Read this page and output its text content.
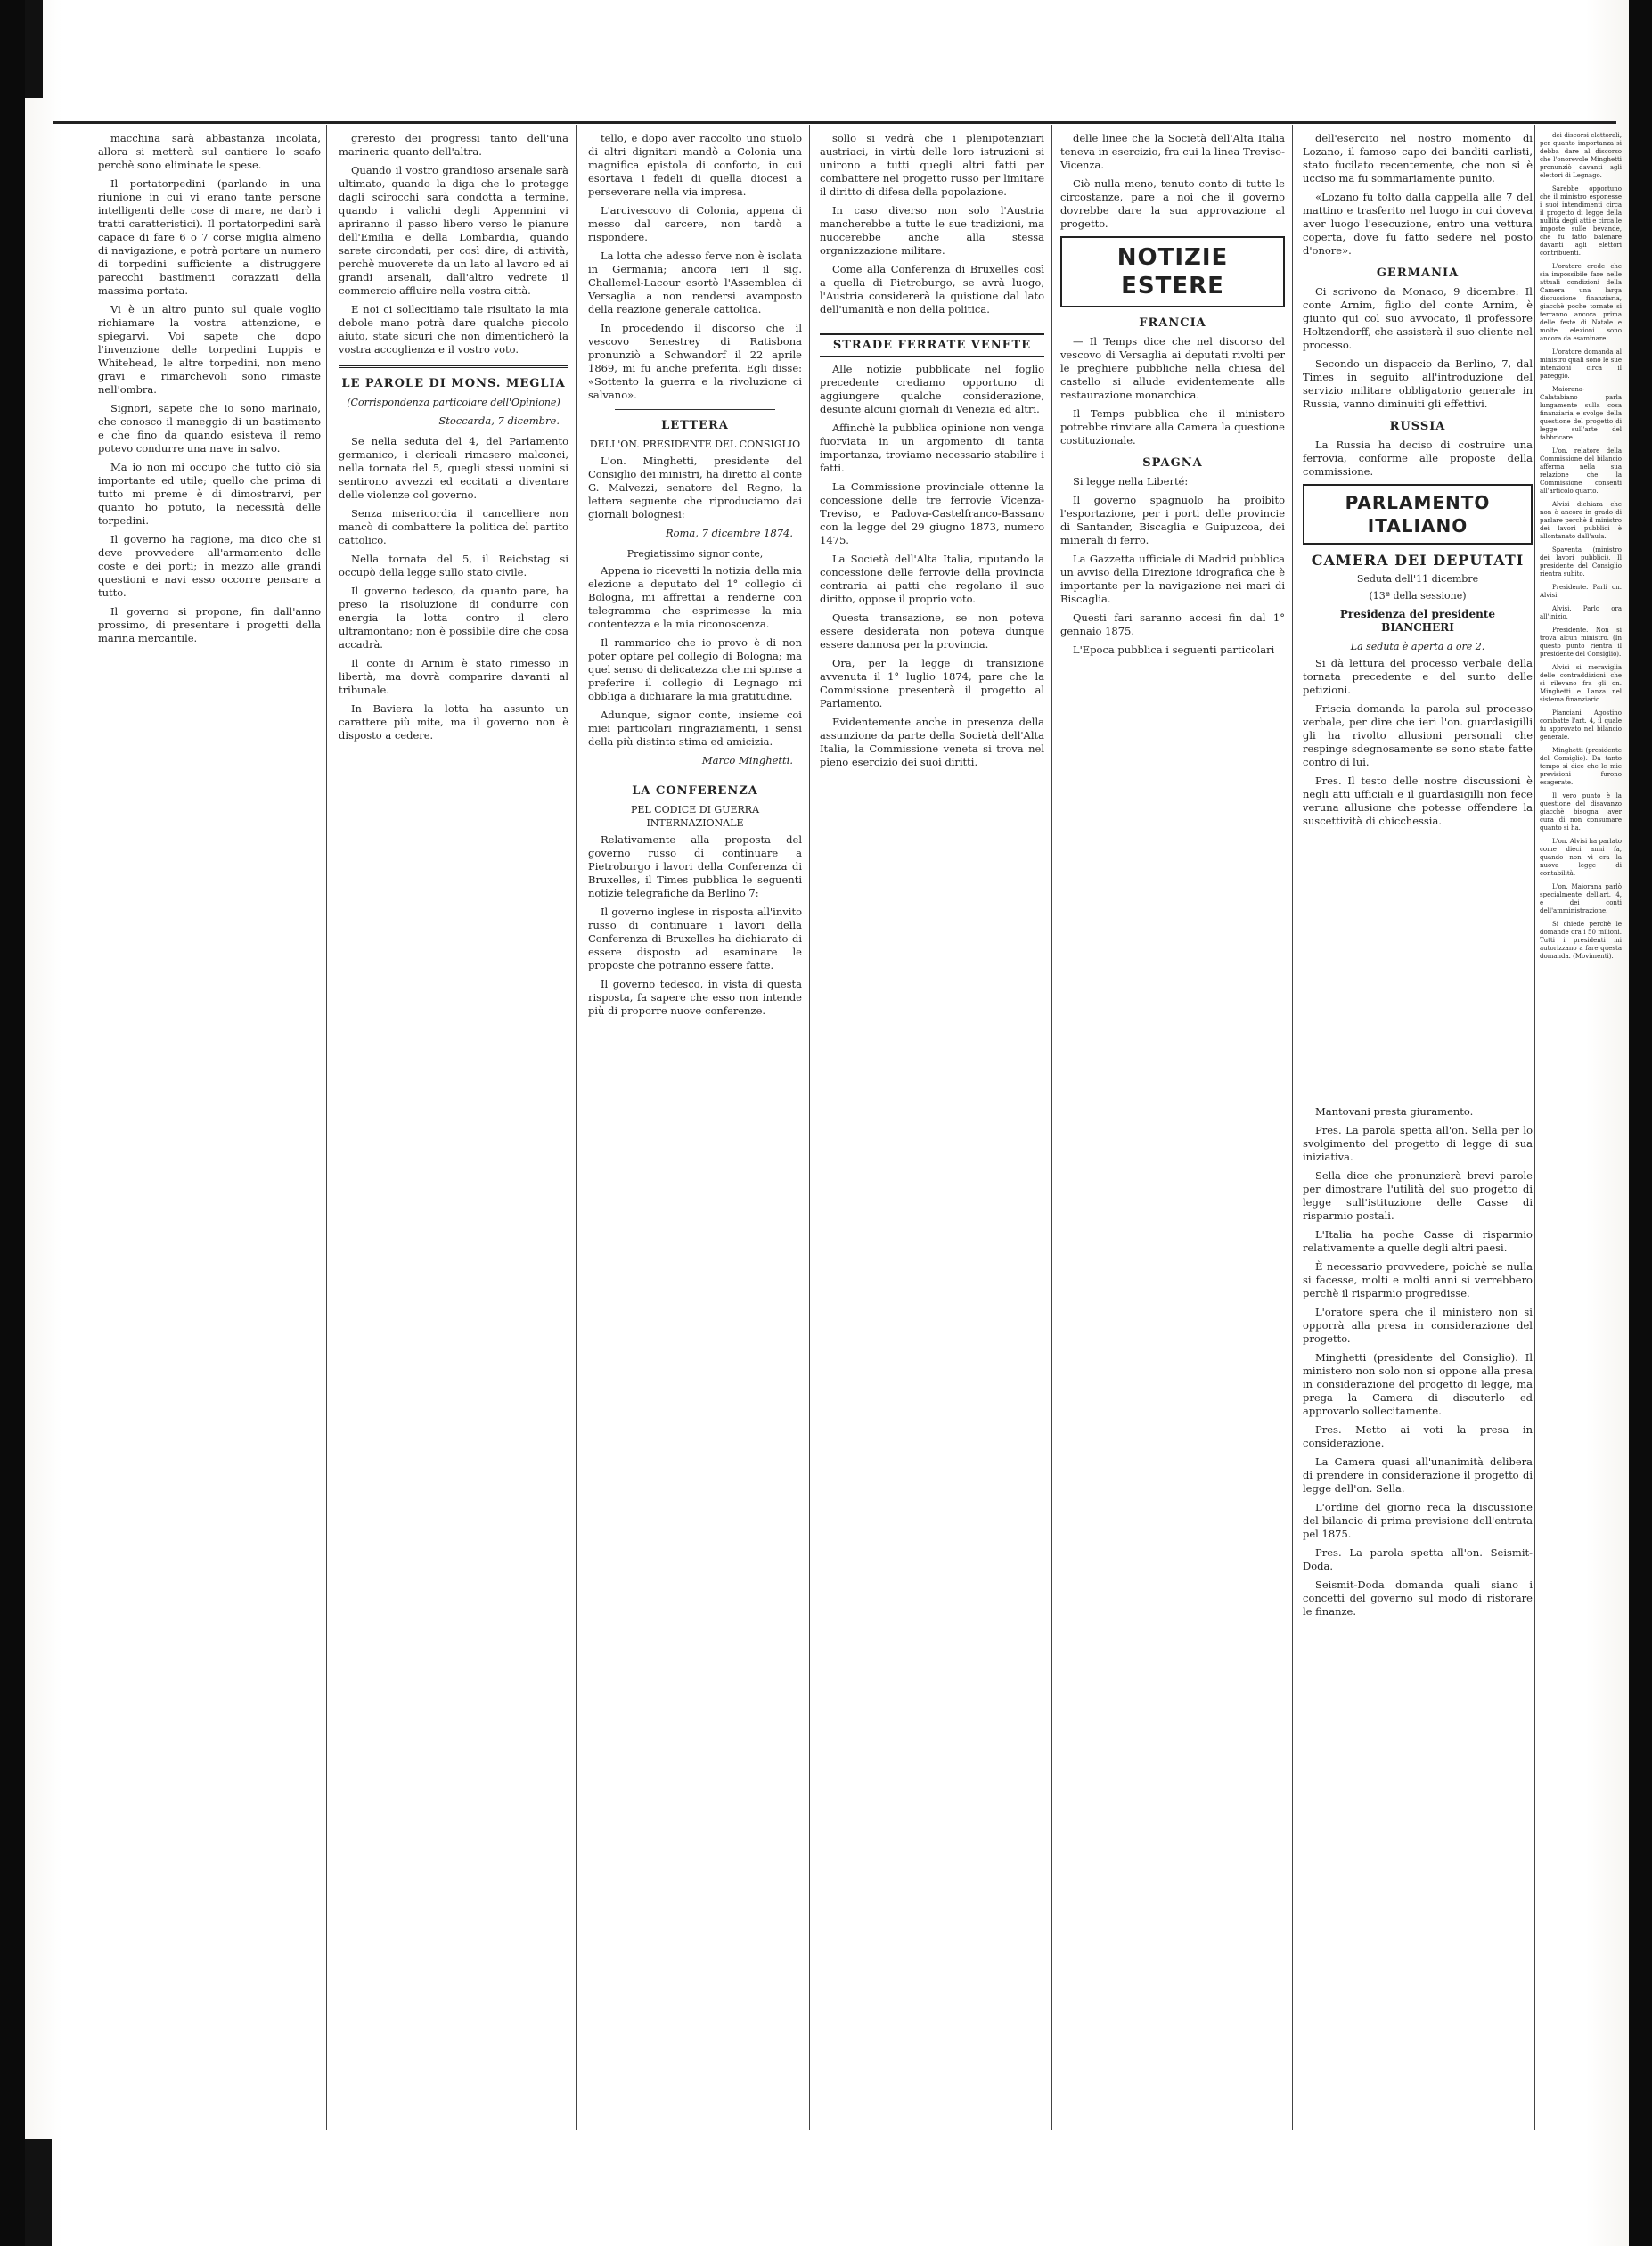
macchina sarà abbastanza incolata, allora si metterà sul cantiere lo scafo perchè sono eliminate le spese.

Il portatorpedini (parlando in una riunione in cui vi erano tante persone intelligenti delle cose di mare, ne darò i tratti caratteristici). Il portatorpedini sarà capace di fare 6 o 7 corse miglia almeno di navigazione, e potrà portare un numero di torpedini sufficiente a distruggere parecchi bastimenti corazzati della massima portata.

Vi è un altro punto sul quale voglio richiamare la vostra attenzione, e spiegarvi. Voi sapete che dopo l'invenzione delle torpedini Luppis e Whitehead, le altre torpedini, non meno gravi e rimarchevoli sono rimaste nell'ombra.

Signori, sapete che io sono marinaio, che conosco il maneggio di un bastimento e che fino da quando esisteva il remo potevo condurre una nave in salvo.

Ma io non mi occupo che tutto ciò sia importante ed utile; quello che prima di tutto mi preme è di dimostrarvi, per quanto ho potuto, la necessità delle torpedini.

Il governo ha ragione, ma dico che si deve provvedere all'armamento delle coste e dei porti; in mezzo alle grandi questioni e navi esso occorre pensare a tutto.

Il governo si propone, fin dall'anno prossimo, di presentare i progetti della marina mercantile.

greresto dei progressi tanto dell'una marineria quanto dell'altra.

Quando il vostro grandioso arsenale sarà ultimato, quando la diga che lo protegge dagli scirocchi sarà condotta a termine, quando i valichi degli Appennini vi apriranno il passo libero verso le pianure dell'Emilia e della Lombardia, quando sarete circondati, per così dire, di attività, perchè muoverete da un lato al lavoro ed ai grandi arsenali, dall'altro vedrete il commercio affluire nella vostra città.

E noi ci sollecitiamo tale risultato la mia debole mano potrà dare qualche piccolo aiuto, state sicuri che non dimenticherò la vostra accoglienza e il vostro voto.

LE PAROLE DI MONS. MEGLIA
(Corrispondenza particolare dell'Opinione)
Stoccarda, 7 dicembre.

Se nella seduta del 4, del Parlamento germanico, i clericali rimasero malconci, nella tornata del 5, quegli stessi uomini si sentirono avvezzi ed eccitati a diventare delle violenze col governo.

Senza misericordia il cancelliere non mancò di combattere la politica del partito cattolico.

Nella tornata del 5, il Reichstag si occupò della legge sullo stato civile.

Il governo tedesco, da quanto pare, ha preso la risoluzione di condurre con energia la lotta contro il clero ultramontano; non è possibile dire che cosa accadrà.

Il conte di Arnim è stato rimesso in libertà, ma dovrà comparire davanti al tribunale.

In Baviera la lotta ha assunto un carattere più mite, ma il governo non è disposto a cedere.

tello, e dopo aver raccolto uno stuolo di altri dignitari mandò a Colonia una magnifica epistola di conforto, in cui esortava i fedeli di quella diocesi a perseverare nella via impresa.

L'arcivescovo di Colonia, appena di messo dal carcere, non tardò a rispondere.

La lotta che adesso ferve non è isolata in Germania; ancora ieri il sig. Challemel-Lacour esortò l'Assemblea di Versaglia a non rendersi avamposto della reazione generale cattolica.

In procedendo il discorso che il vescovo Senestrey di Ratisbona pronunziò a Schwandorf il 22 aprile 1869, mi fu anche preferita. Egli disse: «Sottento la guerra e la rivoluzione ci salvano».

LETTERA
DELL'ON. PRESIDENTE DEL CONSIGLIO

L'on. Minghetti, presidente del Consiglio dei ministri, ha diretto al conte G. Malvezzi, senatore del Regno, la lettera seguente che riproduciamo dai giornali bolognesi:

Roma, 7 dicembre 1874.
Pregiatissimo signor conte,

Appena io ricevetti la notizia della mia elezione a deputato del 1° collegio di Bologna, mi affrettai a renderne con telegramma che esprimesse la mia contentezza e la mia riconoscenza.

Il rammarico che io provo è di non poter optare pel collegio di Bologna; ma quel senso di delicatezza che mi spinse a preferire il collegio di Legnago mi obbliga a dichiarare la mia gratitudine.

Adunque, signor conte, insieme coi miei particolari ringraziamenti, i sensi della più distinta stima ed amicizia.

Marco Minghetti.
LA CONFERENZA
PEL CODICE DI GUERRA INTERNAZIONALE

Relativamente alla proposta del governo russo di continuare a Pietroburgo i lavori della Conferenza di Bruxelles, il Times pubblica le seguenti notizie telegrafiche da Berlino 7:

Il governo inglese in risposta all'invito russo di continuare i lavori della Conferenza di Bruxelles ha dichiarato di essere disposto ad esaminare le proposte che potranno essere fatte.

Il governo tedesco, in vista di questa risposta, fa sapere che esso non intende più di proporre nuove conferenze.

sollo si vedrà che i plenipotenziari austriaci, in virtù delle loro istruzioni si unirono a tutti quegli altri fatti per combattere nel progetto russo per limitare il diritto di difesa della popolazione.

In caso diverso non solo l'Austria mancherebbe a tutte le sue tradizioni, ma nuocerebbe anche alla stessa organizzazione militare.

Come alla Conferenza di Bruxelles così a quella di Pietroburgo, se avrà luogo, l'Austria considererà la quistione dal lato dell'umanità e non della politica.

STRADE FERRATE VENETE

Alle notizie pubblicate nel foglio precedente crediamo opportuno di aggiungere qualche considerazione, desunte alcuni giornali di Venezia ed altri.

Affinchè la pubblica opinione non venga fuorviata in un argomento di tanta importanza, troviamo necessario stabilire i fatti.

La Commissione provinciale ottenne la concessione delle tre ferrovie Vicenza-Treviso, e Padova-Castelfranco-Bassano con la legge del 29 giugno 1873, numero 1475.

La Società dell'Alta Italia, riputando la concessione delle ferrovie della provincia contraria ai patti che regolano il suo diritto, oppose il proprio voto.

Questa transazione, se non poteva essere desiderata non poteva dunque essere dannosa per la provincia.

Ora, per la legge di transizione avvenuta il 1° luglio 1874, pare che la Commissione presenterà il progetto al Parlamento.

Evidentemente anche in presenza della assunzione da parte della Società dell'Alta Italia, la Commissione veneta si trova nel pieno esercizio dei suoi diritti.

delle linee che la Società dell'Alta Italia teneva in esercizio, fra cui la linea Treviso-Vicenza.

Ciò nulla meno, tenuto conto di tutte le circostanze, pare a noi che il governo dovrebbe dare la sua approvazione al progetto.

NOTIZIE ESTERE
FRANCIA

— Il Temps dice che nel discorso del vescovo di Versaglia ai deputati rivolti per le preghiere pubbliche nella chiesa del castello si allude evidentemente alle restaurazione monarchica.

Il Temps pubblica che il ministero potrebbe rinviare alla Camera la questione costituzionale.

SPAGNA

Si legge nella Liberté:

Il governo spagnuolo ha proibito l'esportazione, per i porti delle provincie di Santander, Biscaglia e Guipuzcoa, dei minerali di ferro.

La Gazzetta ufficiale di Madrid pubblica un avviso della Direzione idrografica che è importante per la navigazione nei mari di Biscaglia.

Questi fari saranno accesi fin dal 1° gennaio 1875.

L'Epoca pubblica i seguenti particolari

dell'esercito nel nostro momento di Lozano, il famoso capo dei banditi carlisti, stato fucilato recentemente, che non si è ucciso ma fu sommariamente punito.

«Lozano fu tolto dalla cappella alle 7 del mattino e trasferito nel luogo in cui doveva aver luogo l'esecuzione, entro una vettura coperta, dove fu fatto sedere nel posto d'onore».

GERMANIA

Ci scrivono da Monaco, 9 dicembre: Il conte Arnim, figlio del conte Arnim, è giunto qui col suo avvocato, il professore Holtzendorff, che assisterà il suo cliente nel processo.

Secondo un dispaccio da Berlino, 7, dal Times in seguito all'introduzione del servizio militare obbligatorio generale in Russia, vanno diminuiti gli effettivi.

RUSSIA

La Russia ha deciso di costruire una ferrovia, conforme alle proposte della commissione.

PARLAMENTO ITALIANO
CAMERA DEI DEPUTATI
Seduta dell'11 dicembre
(13ª della sessione)
Presidenza del presidente BIANCHERI
La seduta è aperta a ore 2.

Si dà lettura del processo verbale della tornata precedente e del sunto delle petizioni.

Friscia domanda la parola sul processo verbale, per dire che ieri l'on. guardasigilli gli ha rivolto allusioni personali che respinge sdegnosamente se sono state fatte contro di lui.

Pres. Il testo delle nostre discussioni è negli atti ufficiali e il guardasigilli non fece veruna allusione che potesse offendere la suscettività di chicchessia.

Mantovani presta giuramento.

Pres. La parola spetta all'on. Sella per lo svolgimento del progetto di legge di sua iniziativa.

Sella dice che pronunzierà brevi parole per dimostrare l'utilità del suo progetto di legge sull'istituzione delle Casse di risparmio postali.

L'Italia ha poche Casse di risparmio relativamente a quelle degli altri paesi.

È necessario provvedere, poichè se nulla si facesse, molti e molti anni si verrebbero perchè il risparmio progredisse.

L'oratore spera che il ministero non si opporrà alla presa in considerazione del progetto.

Minghetti (presidente del Consiglio). Il ministero non solo non si oppone alla presa in considerazione del progetto di legge, ma prega la Camera di discuterlo ed approvarlo sollecitamente.

Pres. Metto ai voti la presa in considerazione.

La Camera quasi all'unanimità delibera di prendere in considerazione il progetto di legge dell'on. Sella.

L'ordine del giorno reca la discussione del bilancio di prima previsione dell'entrata pel 1875.

Pres. La parola spetta all'on. Seismit-Doda.

Seismit-Doda domanda quali siano i concetti del governo sul modo di ristorare le finanze.

dei discorsi elettorali, per quanto importanza si debba dare al discorso che l'onorevole Minghetti pronunziò davanti agli elettori di Legnago.

Sarebbe opportuno che il ministro esponesse i suoi intendimenti circa il progetto di legge della nullità degli atti e circa le imposte sulle bevande, che fu fatto balenare davanti agli elettori contribuenti.

L'oratore crede che sia impossibile fare nelle attuali condizioni della Camera una larga discussione finanziaria, giacchè poche tornate si terranno ancora prima delle feste di Natale e molte elezioni sono ancora da esaminare.

L'oratore domanda al ministro quali sono le sue intenzioni circa il pareggio.

Maiorana-Calatabiano parla lungamente sulla cosa finanziaria e svolge della questione del progetto di legge sull'arte del fabbricare.

L'on. relatore della Commissione del bilancio afferma nella sua relazione che la Commissione consentì all'articolo quarto.

Alvisi dichiara che non è ancora in grado di parlare perchè il ministro dei lavori pubblici è allontanato dall'aula.

Spaventa (ministro dei lavori pubblici). Il presidente del Consiglio rientra subito.

Presidente. Parli on. Alvisi.

Alvisi. Parlo ora all'inizio.

Presidente. Non si trova alcun ministro. (In questo punto rientra il presidente del Consiglio).

Alvisi si meraviglia delle contraddizioni che si rilevano fra gli on. Minghetti e Lanza nel sistema finanziario.

Pianciani Agostino combatte l'art. 4, il quale fu approvato nel bilancio generale.

Minghetti (presidente del Consiglio). Da tanto tempo si dice che le mie previsioni furono esagerate.

Il vero punto è la questione del disavanzo giacchè bisogna aver cura di non consumare quanto si ha.

L'on. Alvisi ha parlato come dieci anni fa, quando non vi era la nuova legge di contabilità.

L'on. Maiorana parlò specialmente dell'art. 4, e dei conti dell'amministrazione.

Si chiede perchè le domande ora i 50 milioni. Tutti i presidenti mi autorizzano a fare questa domanda. (Movimenti).
